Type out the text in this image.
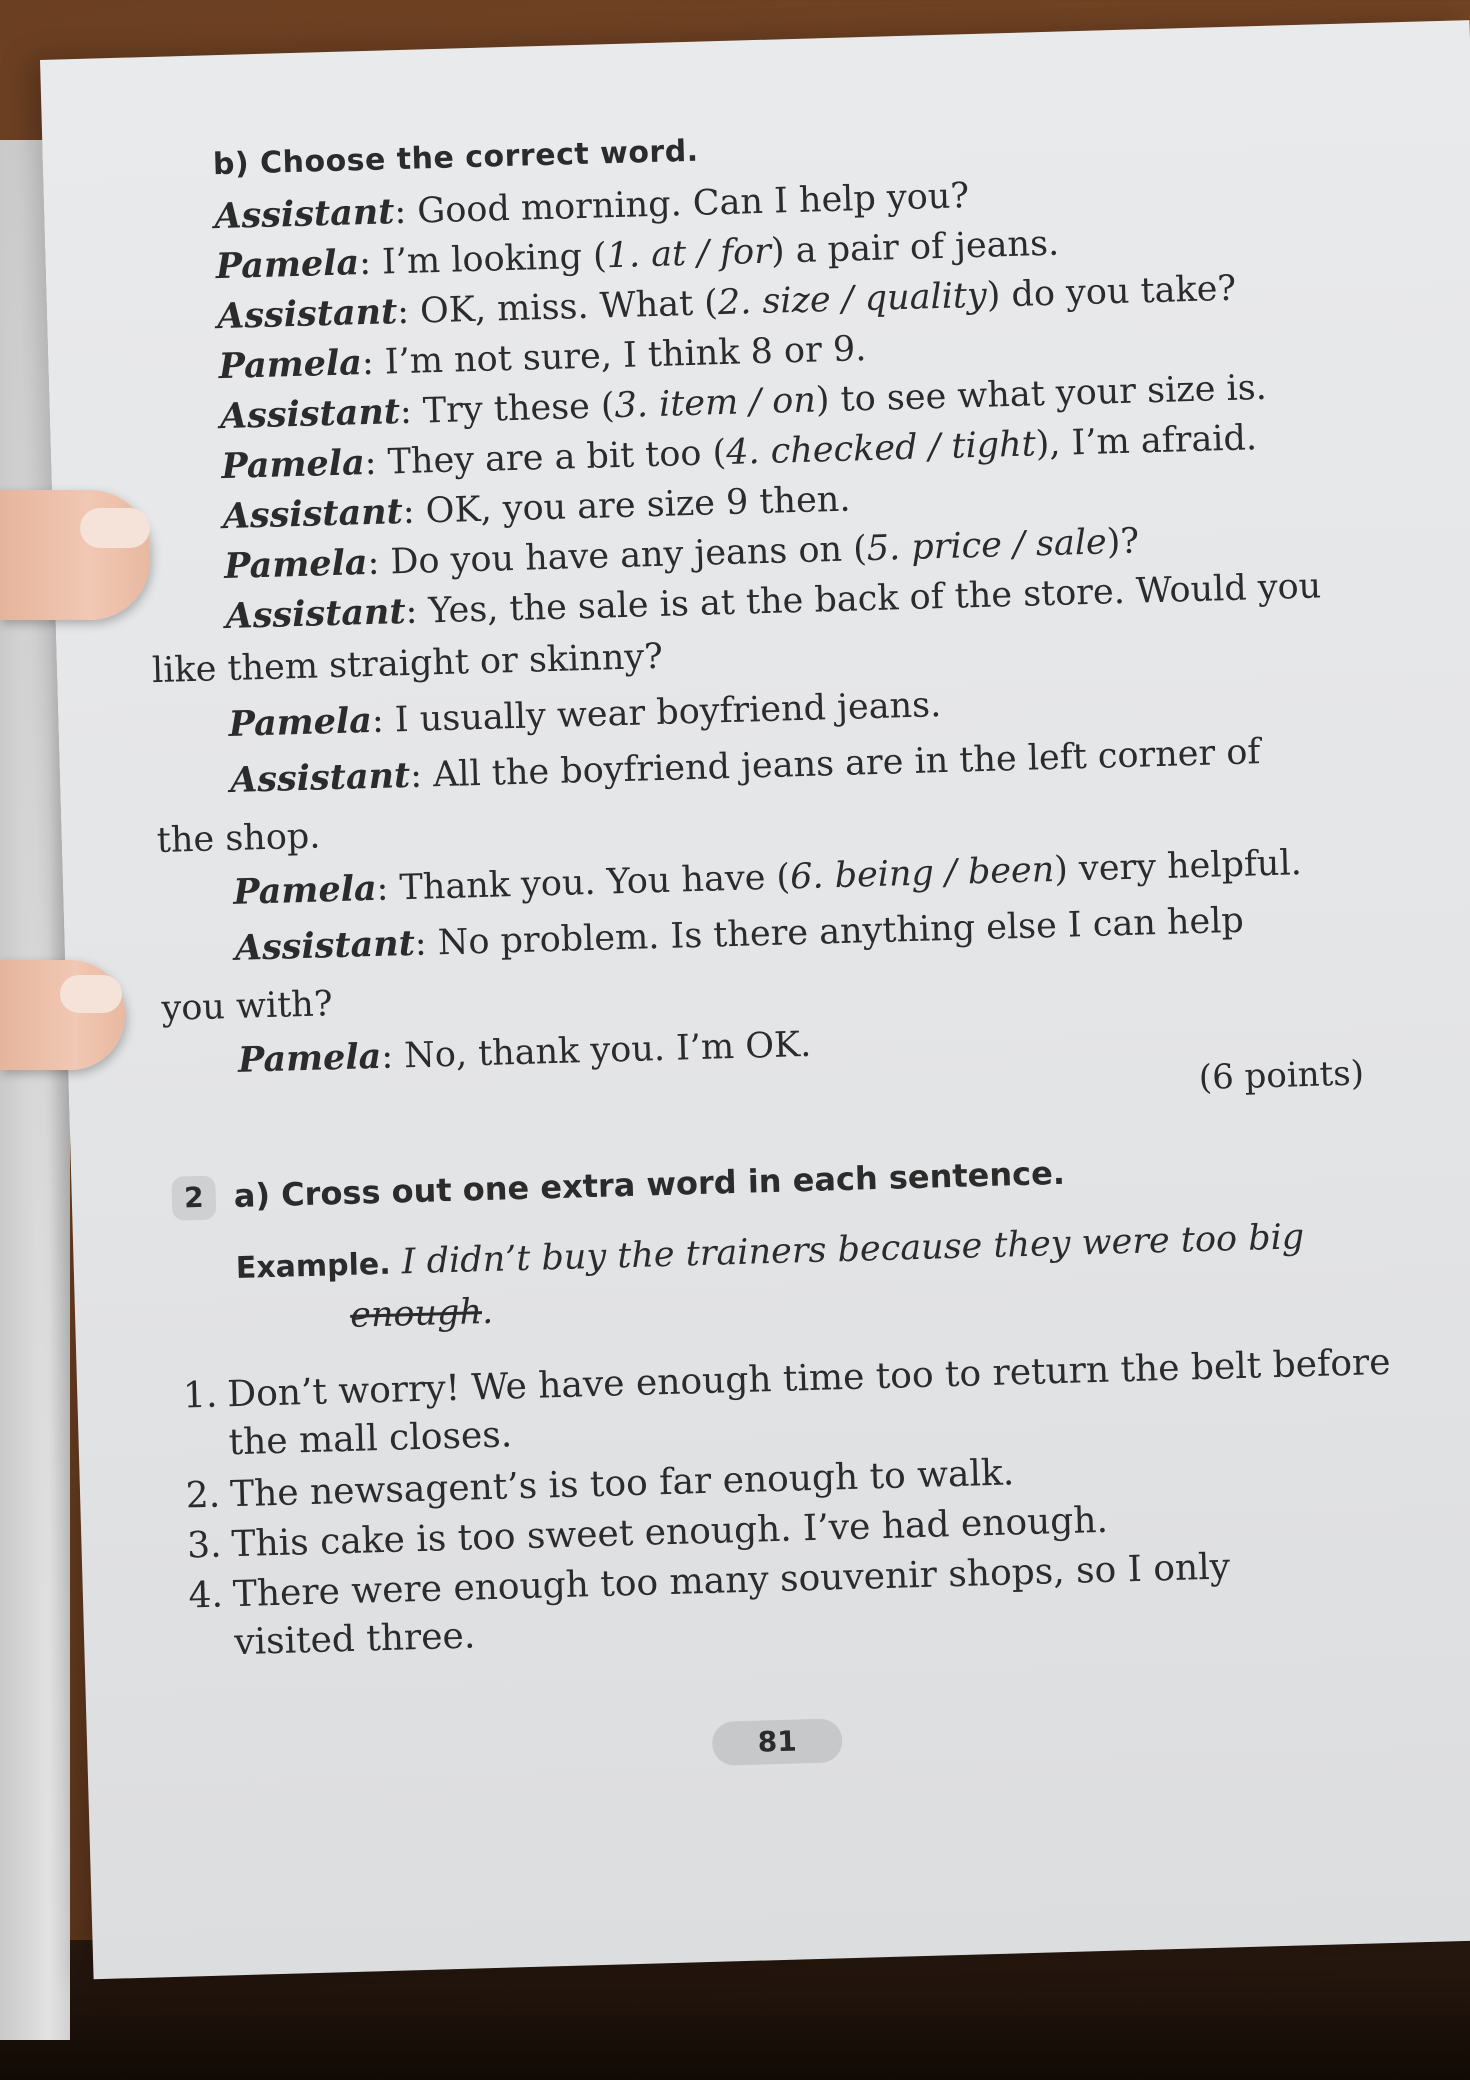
b) Choose the correct word.
Assistant: Good morning. Can I help you?
Pamela: I’m looking (1. at / for) a pair of jeans.
Assistant: OK, miss. What (2. size / quality) do you take?
Pamela: I’m not sure, I think 8 or 9.
Assistant: Try these (3. item / on) to see what your size is.
Pamela: They are a bit too (4. checked / tight), I’m afraid.
Assistant: OK, you are size 9 then.
Pamela: Do you have any jeans on (5. price / sale)?
Assistant: Yes, the sale is at the back of the store. Would you
like them straight or skinny?
Pamela: I usually wear boyfriend jeans.
Assistant: All the boyfriend jeans are in the left corner of
the shop.
Pamela: Thank you. You have (6. being / been) very helpful.
Assistant: No problem. Is there anything else I can help
you with?
Pamela: No, thank you. I’m OK.	(6 points)
2 a) Cross out one extra word in each sentence.
Example. I didn’t buy the trainers because they were too big
enough.
1. Don’t worry! We have enough time too to return the belt before
the mall closes.
2. The newsagent’s is too far enough to walk.
3. This cake is too sweet enough. I’ve had enough.
4. There were enough too many souvenir shops, so I only
visited three.
81
